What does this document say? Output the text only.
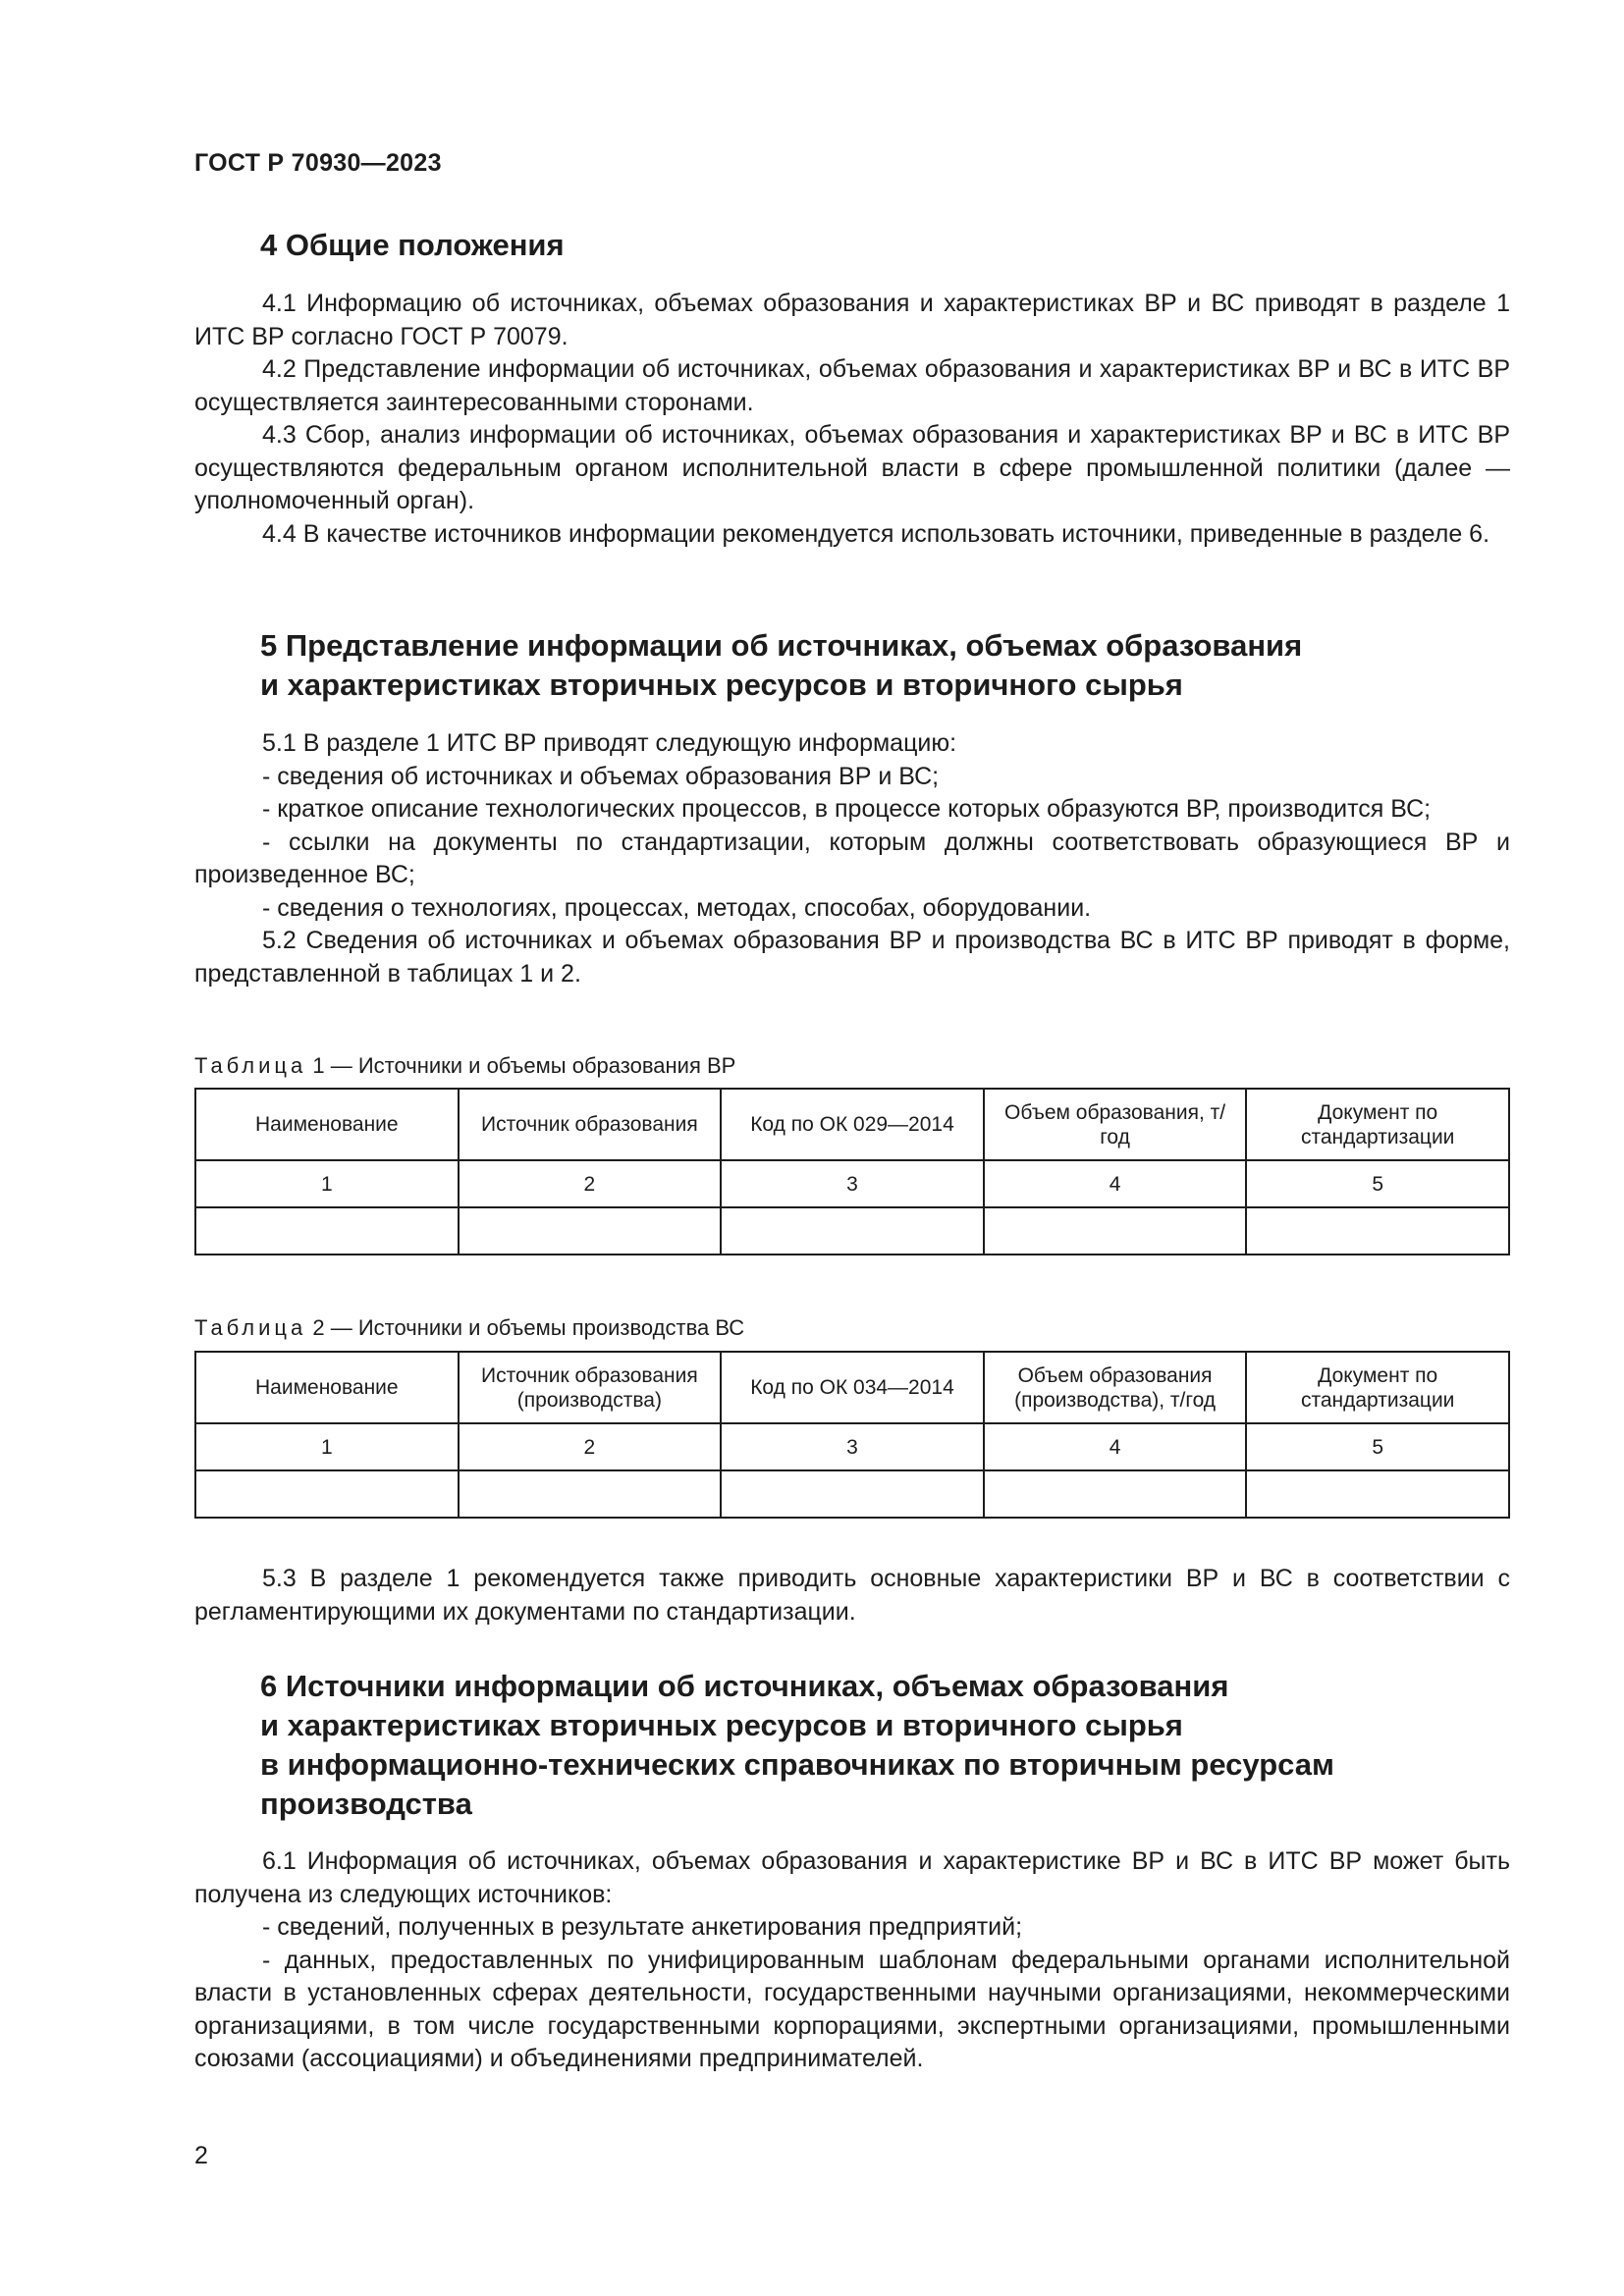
ГОСТ Р 70930—2023
4 Общие положения

4.1 Информацию об источниках, объемах образования и характеристиках ВР и ВС приводят в разделе 1 ИТС ВР согласно ГОСТ Р 70079.

4.2 Представление информации об источниках, объемах образования и характеристиках ВР и ВС в ИТС ВР осуществляется заинтересованными сторонами.

4.3 Сбор, анализ информации об источниках, объемах образования и характеристиках ВР и ВС в ИТС ВР осуществляются федеральным органом исполнительной власти в сфере промышленной политики (далее — уполномоченный орган).

4.4 В качестве источников информации рекомендуется использовать источники, приведенные в разделе 6.

5 Представление информации об источниках, объемах образования
и характеристиках вторичных ресурсов и вторичного сырья

5.1 В разделе 1 ИТС ВР приводят следующую информацию:

- сведения об источниках и объемах образования ВР и ВС;

- краткое описание технологических процессов, в процессе которых образуются ВР, производится ВС;

- ссылки на документы по стандартизации, которым должны соответствовать образующиеся ВР и произведенное ВС;

- сведения о технологиях, процессах, методах, способах, оборудовании.

5.2 Сведения об источниках и объемах образования ВР и производства ВС в ИТС ВР приводят в форме, представленной в таблицах 1 и 2.

Таблица 1 — Источники и объемы образования ВР
Наименование	Источник образования	Код по ОК 029—2014	Объем образования, т/год	Документ по стандартизации
1	2	3	4	5

Таблица 2 — Источники и объемы производства ВС
Наименование	Источник образования (производства)	Код по ОК 034—2014	Объем образования (производства), т/год	Документ по стандартизации
1	2	3	4	5

5.3 В разделе 1 рекомендуется также приводить основные характеристики ВР и ВС в соответствии с регламентирующими их документами по стандартизации.

6 Источники информации об источниках, объемах образования
и характеристиках вторичных ресурсов и вторичного сырья
в информационно-технических справочниках по вторичным ресурсам
производства

6.1 Информация об источниках, объемах образования и характеристике ВР и ВС в ИТС ВР может быть получена из следующих источников:

- сведений, полученных в результате анкетирования предприятий;

- данных, предоставленных по унифицированным шаблонам федеральными органами исполнительной власти в установленных сферах деятельности, государственными научными организациями, некоммерческими организациями, в том числе государственными корпорациями, экспертными организациями, промышленными союзами (ассоциациями) и объединениями предпринимателей.

2
